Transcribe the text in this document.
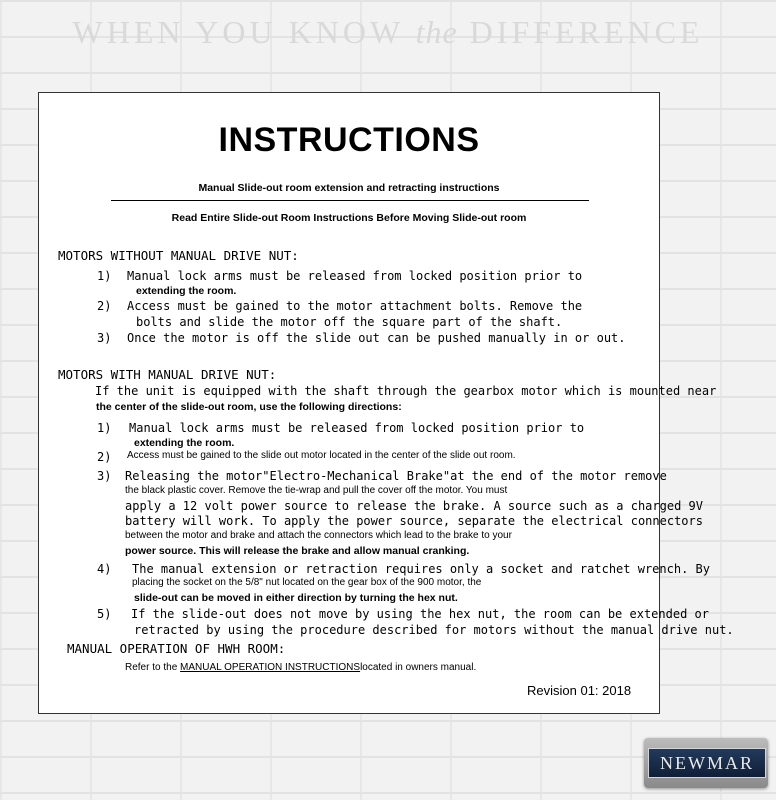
WHEN YOU KNOW the DIFFERENCE
INSTRUCTIONS
Manual Slide-out room extension and retracting instructions
Read Entire Slide-out Room Instructions Before Moving Slide-out room
MOTORS WITHOUT MANUAL DRIVE NUT:
1) Manual lock arms must be released from locked position prior to
extending the room.
2) Access must be gained to the motor attachment bolts. Remove the
bolts and slide the motor off the square part of the shaft.
3) Once the motor is off the slide out can be pushed manually in or out.
MOTORS WITH MANUAL DRIVE NUT:
If the unit is equipped with the shaft through the gearbox motor which is mounted near
the center of the slide-out room, use the following directions:
1) Manual lock arms must be released from locked position prior to
extending the room.
2) Access must be gained to the slide out motor located in the center of the slide out room.
3) Releasing the motor"Electro-Mechanical Brake"at the end of the motor remove
the black plastic cover. Remove the tie-wrap and pull the cover off the motor. You must
apply a 12 volt power source to release the brake. A source such as a charged 9V
battery will work. To apply the power source, separate the electrical connectors
between the motor and brake and attach the connectors which lead to the brake to your
power source. This will release the brake and allow manual cranking.
4) The manual extension or retraction requires only a socket and ratchet wrench. By
placing the socket on the 5/8" nut located on the gear box of the 900 motor, the
slide-out can be moved in either direction by turning the hex nut.
5) If the slide-out does not move by using the hex nut, the room can be extended or
retracted by using the procedure described for motors without the manual drive nut.
MANUAL OPERATION OF HWH ROOM:
Refer to the MANUAL OPERATION INSTRUCTIONSlocated in owners manual.
Revision 01: 2018
NEWMAR
